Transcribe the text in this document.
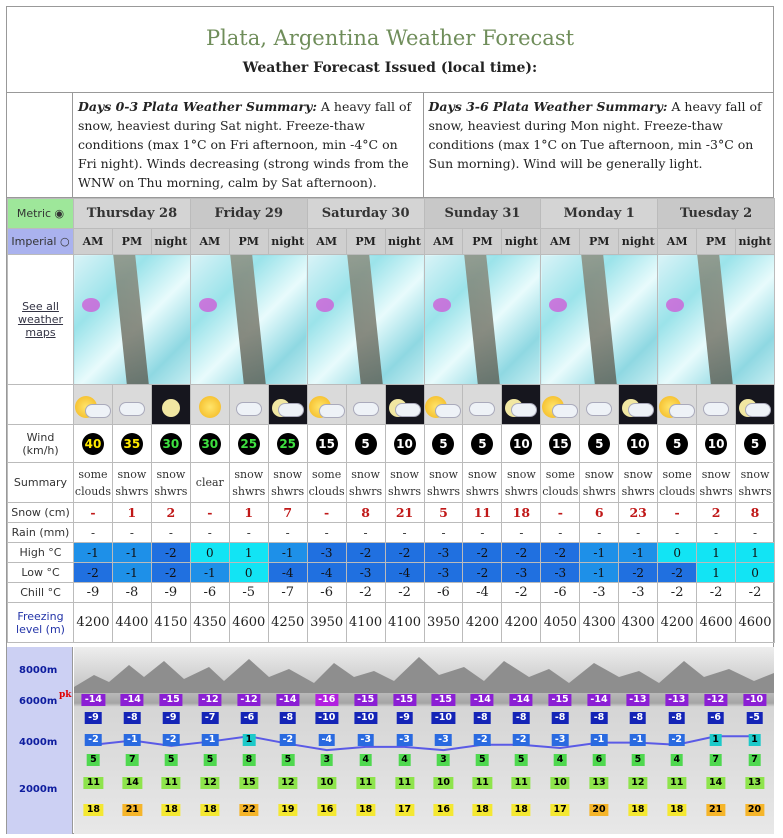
Plata, Argentina Weather Forecast
Weather Forecast Issued (local time):
Days 0-3 Plata Weather Summary: A heavy fall of snow, heaviest during Sat night. Freeze-thaw conditions (max 1°C on Fri afternoon, min -4°C on Fri night). Winds decreasing (strong winds from the WNW on Thu morning, calm by Sat afternoon).
Days 3-6 Plata Weather Summary: A heavy fall of snow, heaviest during Mon night. Freeze-thaw conditions (max 1°C on Tue afternoon, min -3°C on Sun morning). Wind will be generally light.
Metric ◉	Thursday 28			Friday 29			Saturday 30			Sunday 31			Monday 1			Tuesday 2		
Imperial ○	AM	PM	night	AM	PM	night	AM	PM	night	AM	PM	night	AM	PM	night	AM	PM	night
See all weather maps													

Wind (km/h)	40	35	30	30	25	25	15	5	10	5	5	10	15	5	10	5	10	5
Summary	some clouds	snow shwrs	snow shwrs	clear	snow shwrs	snow shwrs	some clouds	snow shwrs	snow shwrs	snow shwrs	snow shwrs	snow shwrs	some clouds	snow shwrs	snow shwrs	some clouds	snow shwrs	snow shwrs
Snow (cm)	-	1	2	-	1	7	-	8	21	5	11	18	-	6	23	-	2	8
Rain (mm)	-	-	-	-	-	-	-	-	-	-	-	-	-	-	-	-	-	-
High °C	-1	-1	-2	0	1	-1	-3	-2	-2	-3	-2	-2	-2	-1	-1	0	1	1
Low °C	-2	-1	-2	-1	0	-4	-4	-3	-4	-3	-2	-3	-3	-1	-2	-2	1	0
Chill °C	-9	-8	-9	-6	-5	-7	-6	-2	-2	-6	-4	-2	-6	-3	-3	-2	-2	-2
Freezing level (m)	4200	4400	4150	4350	4600	4250	3950	4100	4100	3950	4200	4200	4050	4300	4300	4200	4600	4600
8000m
6000m
4000m
2000m
pk	-14
-9
-2
5
11
18
-14
-8
-1
7
14
21
-15
-9
-2
5
11
18
-12
-7
-1
5
12
18
-12
-6
1
8
15
22
-14
-8
-2
5
12
19
-16
-10
-4
3
10
16
-15
-10
-3
4
11
18
-15
-9
-3
4
11
17
-15
-10
-3
3
10
16
-14
-8
-2
5
11
18
-14
-8
-2
5
11
18
-15
-8
-3
4
10
17
-14
-8
-1
6
13
20
-13
-8
-1
5
12
18
-13
-8
-2
4
11
18
-12
-6
1
7
14
21
-10
-5
1
7
13
20
